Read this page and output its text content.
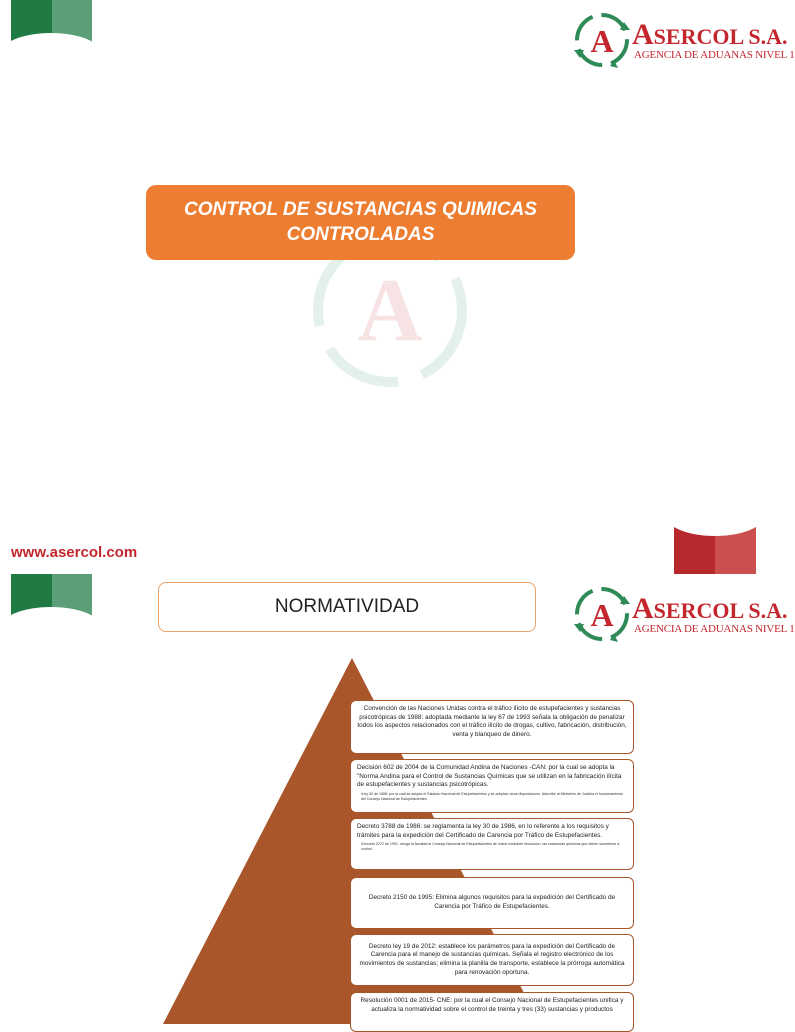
A ASERCOL S.A.
AGENCIA DE ADUANAS NIVEL 1
A
CONTROL DE SUSTANCIAS QUIMICAS
CONTROLADAS
www.asercol.com
NORMATIVIDAD	A ASERCOL S.A.
AGENCIA DE ADUANAS NIVEL 1
Convención de las Naciones Unidas contra el tráfico ilícito de estupefacientes y sustancias psicotrópicas de 1988: adoptada mediante la ley 67 de 1993 señala la obligación de penalizar todos los aspectos relacionados con el tráfico ilícito de drogas, cultivo, fabricación, distribución, venta y blanqueo de dinero.
Decisión 602 de 2004 de la Comunidad Andina de Naciones -CAN: por la cual se adopta la "Norma Andina para el Control de Sustancias Químicas que se utilizan en la fabricación ilícita de estupefacientes y sustancias psicotrópicas.
• Ley 30 de 1986: por la cual se adopta el Estatuto Nacional de Estupefacientes y se adoptan otras disposiciones. Adscribe al Ministerio de Justicia el funcionamiento del Consejo Nacional de Estupefacientes.
Decreto 3788 de 1986: se reglamenta la ley 30 de 1986, en lo referente a los requisitos y trámites para la expedición del Certificado de Carencia por Tráfico de Estupefacientes.
• Decreto 2272 de 1991: otorga la facultad al Consejo Nacional de Estupefacientes de incluir mediante resolución, las sustancias químicas que deben someterse a control.
Decreto 2150 de 1995: Elimina algunos requisitos para la expedición del Certificado de Carencia por Tráfico de Estupefacientes.
Decreto ley 19 de 2012: establece los parámetros para la expedición del Certificado de Carencia para el manejo de sustancias químicas. Señala el registro electrónico de los movimientos de sustancias; elimina la planilla de transporte, establece la prórroga automática para renovación oportuna.
Resolución 0001 de 2015- CNE: por la cual el Consejo Nacional de Estupefacientes unifica y actualiza la normatividad sobre el control de treinta y tres (33) sustancias y productos
